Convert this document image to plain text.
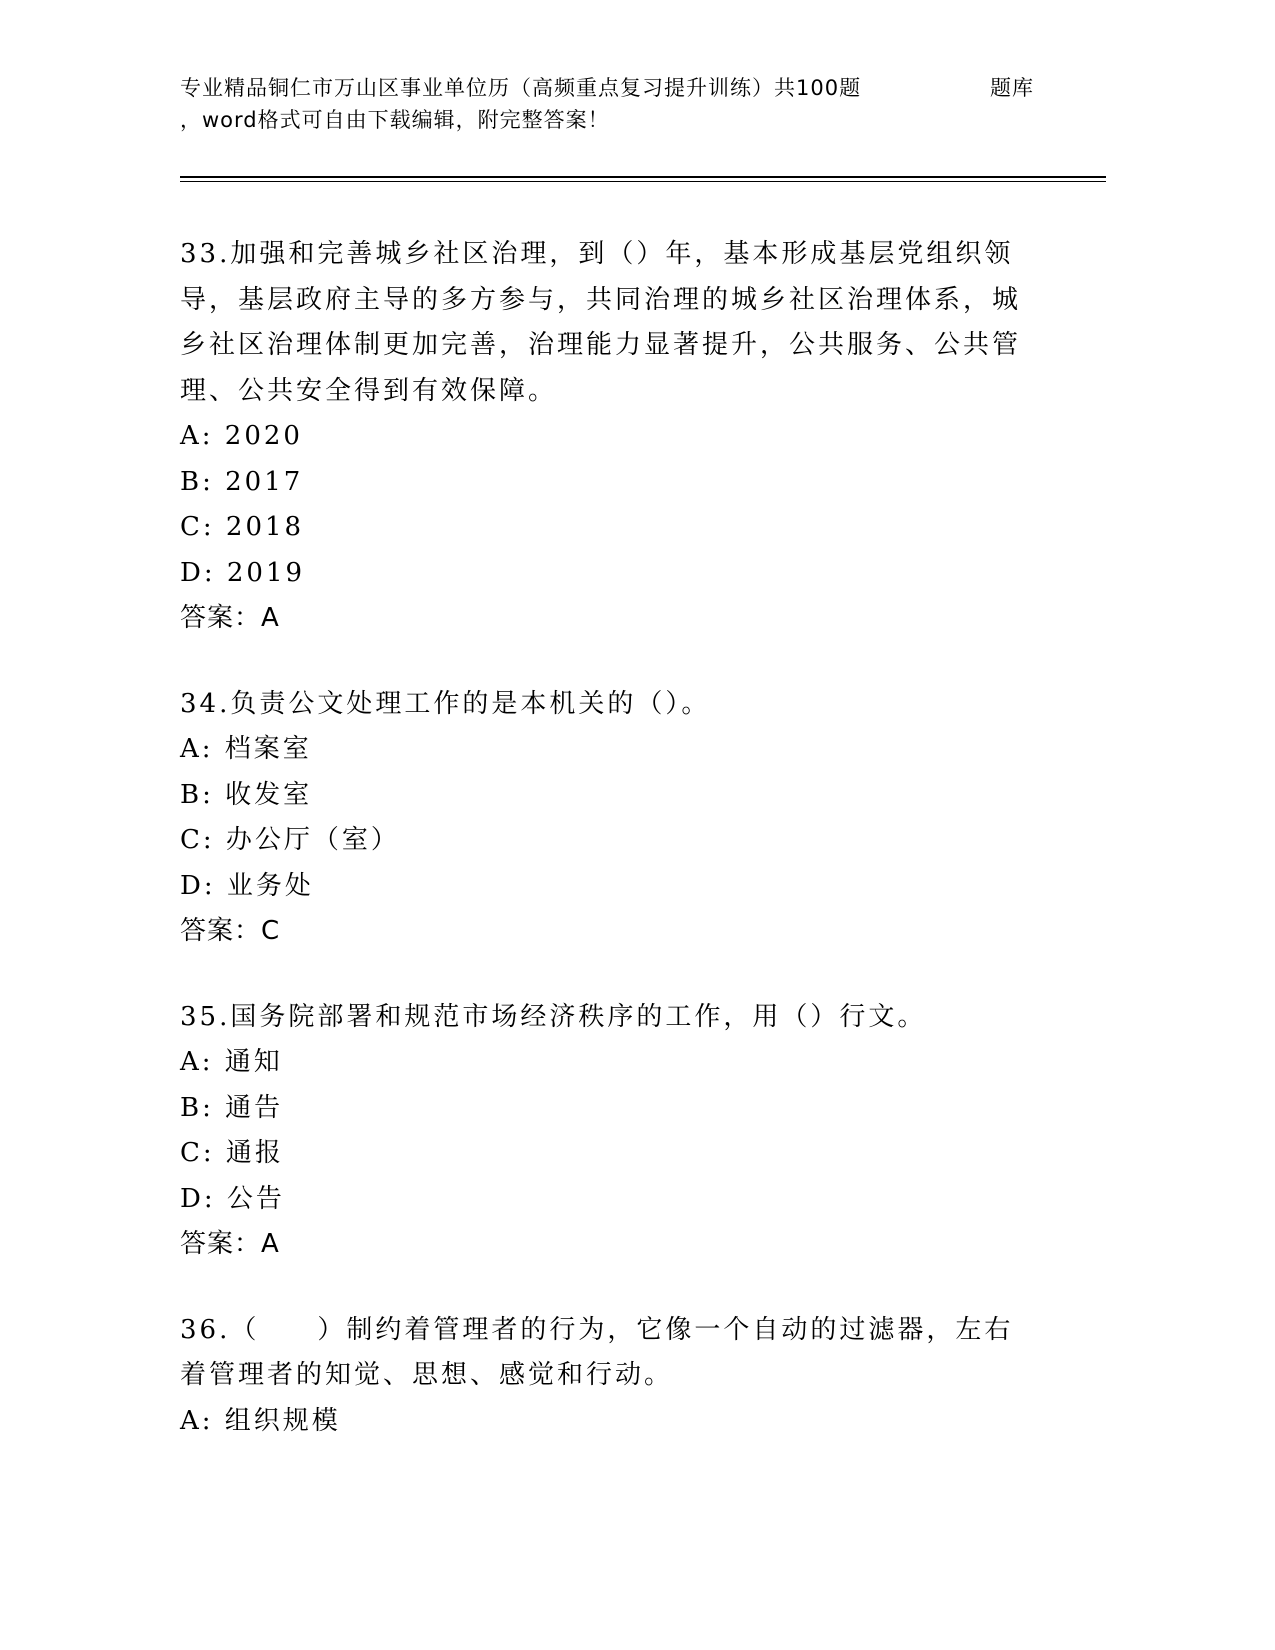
专业精品铜仁市万山区事业单位历（高频重点复习提升训练）共100题
，word格式可自由下载编辑，附完整答案！
题库

33.加强和完善城乡社区治理，到（）年，基本形成基层党组织领导，基层政府主导的多方参与，共同治理的城乡社区治理体系，城乡社区治理体制更加完善，治理能力显著提升，公共服务、公共管理、公共安全得到有效保障。

A: 2020

B: 2017

C: 2018

D: 2019

答案：A

34.负责公文处理工作的是本机关的（）。

A: 档案室

B: 收发室

C: 办公厅（室）

D: 业务处

答案：C

35.国务院部署和规范市场经济秩序的工作，用（）行文。

A: 通知

B: 通告

C: 通报

D: 公告

答案：A

36.（　　）制约着管理者的行为，它像一个自动的过滤器，左右着管理者的知觉、思想、感觉和行动。

A: 组织规模
